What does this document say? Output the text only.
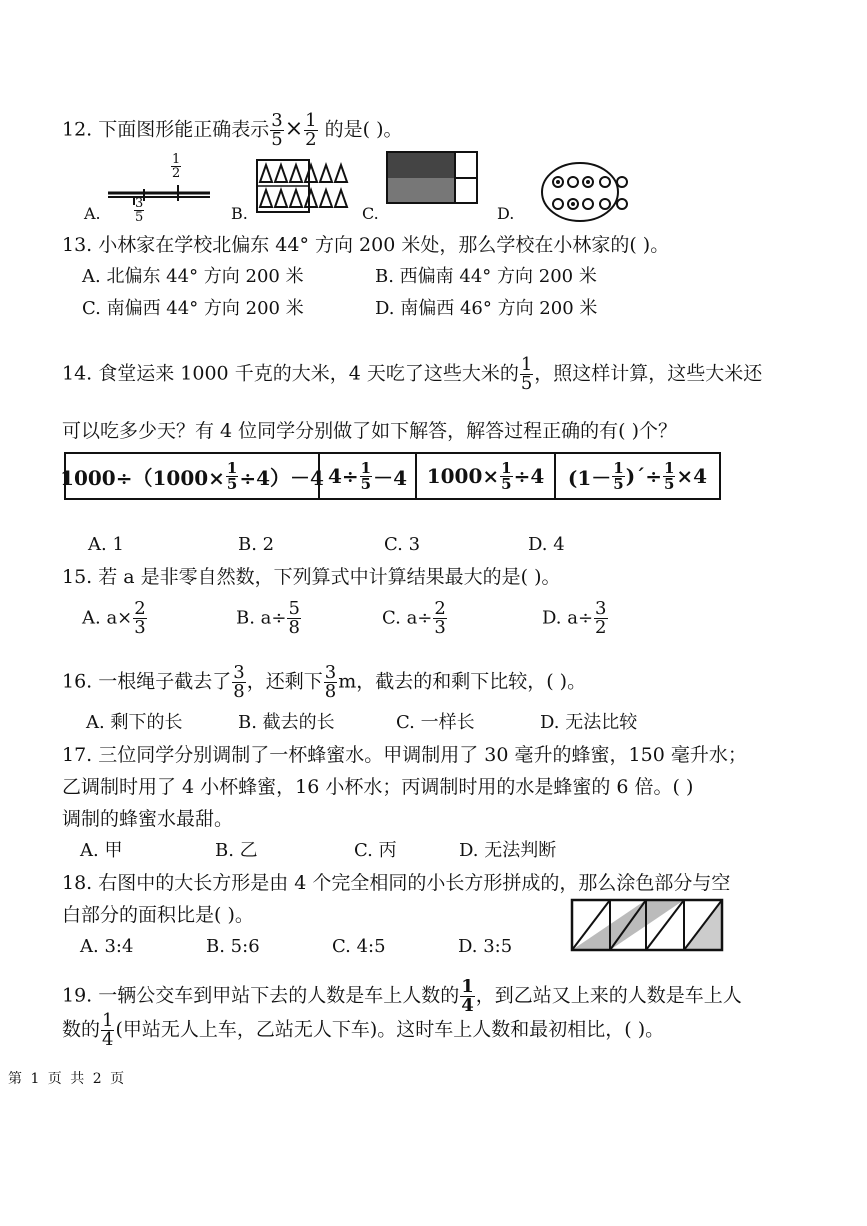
12. 下面图形能正确表示 $\frac{3}{5} \times \frac{1}{2}$ 的是( )。
A.
$\frac{1}{2}$
$\frac{3}{5}$	B.	C.	D.
13. 小林家在学校北偏东 44° 方向 200 米处，那么学校在小林家的( )。
A. 北偏东 44° 方向 200 米	B. 西偏南 44° 方向 200 米
C. 南偏西 44° 方向 200 米	D. 南偏西 46° 方向 200 米
14. 食堂运来 1000 千克的大米，4 天吃了这些大米的 $\frac{1}{5}$ ，照这样计算，这些大米还
可以吃多少天？有 4 位同学分别做了如下解答，解答过程正确的有( )个？
$1000\div(1000\times \frac{1}{5} \div 4)-4$ $4\div \frac{1}{5} -4$ $1000\times \frac{1}{5} \div 4$ ($1- \frac{1}{5}$ )´÷ $\frac{1}{5} \times 4$
A. 1	B. 2	C. 3	D. 4
15. 若 a 是非零自然数，下列算式中计算结果最大的是( )。
A. $a\times \frac{2}{3}$	B. $a\div \frac{5}{8}$	C. $a\div \frac{2}{3}$	D. $a\div \frac{3}{2}$
16. 一根绳子截去了 $\frac{3}{8}$ ，还剩下 $\frac{3}{8}$ m，截去的和剩下比较，( )。
A. 剩下的长	B. 截去的长	C. 一样长	D. 无法比较
17. 三位同学分别调制了一杯蜂蜜水。甲调制用了 30 毫升的蜂蜜，150 毫升水；
乙调制时用了 4 小杯蜂蜜，16 小杯水；丙调制时用的水是蜂蜜的 6 倍。( )
调制的蜂蜜水最甜。
A. 甲	B. 乙	C. 丙	D. 无法判断
18. 右图中的大长方形是由 4 个完全相同的小长方形拼成的，那么涂色部分与空
白部分的面积比是( )。
A. 3:4	B. 5:6	C. 4:5	D. 3:5
19. 一辆公交车到甲站下去的人数是车上人数的 $\frac{1}{4}$ ，到乙站又上来的人数是车上人
数的 $\frac{1}{4}$ (甲站无人上车，乙站无人下车)。这时车上人数和最初相比，( )。
第 1 页 共 2 页
